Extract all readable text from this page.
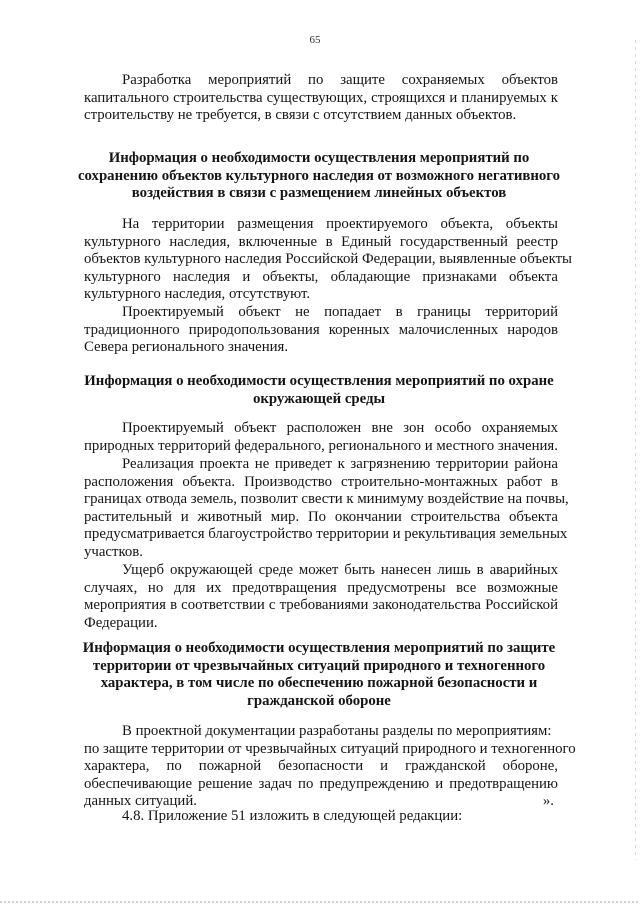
65
Разработка мероприятий по защите сохраняемых объектов
капитального строительства существующих, строящихся и планируемых к
строительству не требуется, в связи с отсутствием данных объектов.
Информация о необходимости осуществления мероприятий по
сохранению объектов культурного наследия от возможного негативного
воздействия в связи с размещением линейных объектов
На территории размещения проектируемого объекта, объекты
культурного наследия, включенные в Единый государственный реестр
объектов культурного наследия Российской Федерации, выявленные объекты
культурного наследия и объекты, обладающие признаками объекта
культурного наследия, отсутствуют.
Проектируемый объект не попадает в границы территорий
традиционного природопользования коренных малочисленных народов
Севера регионального значения.
Информация о необходимости осуществления мероприятий по охране
окружающей среды
Проектируемый объект расположен вне зон особо охраняемых
природных территорий федерального, регионального и местного значения.
Реализация проекта не приведет к загрязнению территории района
расположения объекта. Производство строительно-монтажных работ в
границах отвода земель, позволит свести к минимуму воздействие на почвы,
растительный и животный мир. По окончании строительства объекта
предусматривается благоустройство территории и рекультивация земельных
участков.
Ущерб окружающей среде может быть нанесен лишь в аварийных
случаях, но для их предотвращения предусмотрены все возможные
мероприятия в соответствии с требованиями законодательства Российской
Федерации.
Информация о необходимости осуществления мероприятий по защите
территории от чрезвычайных ситуаций природного и техногенного
характера, в том числе по обеспечению пожарной безопасности и
гражданской обороне
В проектной документации разработаны разделы по мероприятиям:
по защите территории от чрезвычайных ситуаций природного и техногенного
характера, по пожарной безопасности и гражданской обороне,
обеспечивающие решение задач по предупреждению и предотвращению
данных ситуаций.	».
4.8. Приложение 51 изложить в следующей редакции:
